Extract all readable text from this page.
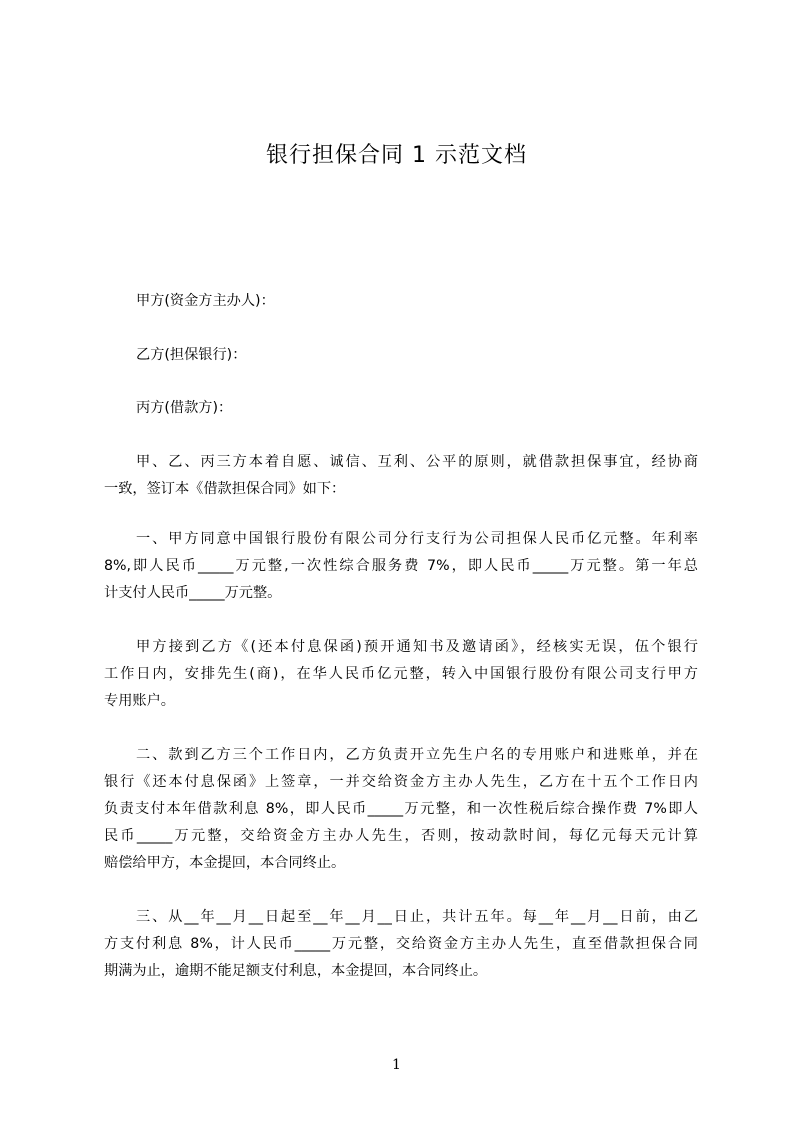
银行担保合同 1 示范文档
甲方(资金方主办人)：
乙方(担保银行)：
丙方(借款方)：
甲、乙、丙三方本着自愿、诚信、互利、公平的原则，就借款担保事宜，经协商
一致，签订本《借款担保合同》如下：
一、甲方同意中国银行股份有限公司分行支行为公司担保人民币亿元整。年利率
8%,即人民币_____万元整,一次性综合服务费 7%，即人民币_____万元整。第一年总
计支付人民币_____万元整。
甲方接到乙方《(还本付息保函)预开通知书及邀请函》，经核实无误，伍个银行
工作日内，安排先生(商)，在华人民币亿元整，转入中国银行股份有限公司支行甲方
专用账户。
二、款到乙方三个工作日内，乙方负责开立先生户名的专用账户和进账单，并在
银行《还本付息保函》上签章，一并交给资金方主办人先生，乙方在十五个工作日内
负责支付本年借款利息 8%，即人民币_____万元整，和一次性税后综合操作费 7%即人
民币_____万元整，交给资金方主办人先生，否则，按动款时间，每亿元每天元计算
赔偿给甲方，本金提回，本合同终止。
三、从__年__月__日起至__年__月__日止，共计五年。每__年__月__日前，由乙
方支付利息 8%，计人民币_____万元整，交给资金方主办人先生，直至借款担保合同
期满为止，逾期不能足额支付利息，本金提回，本合同终止。
1
